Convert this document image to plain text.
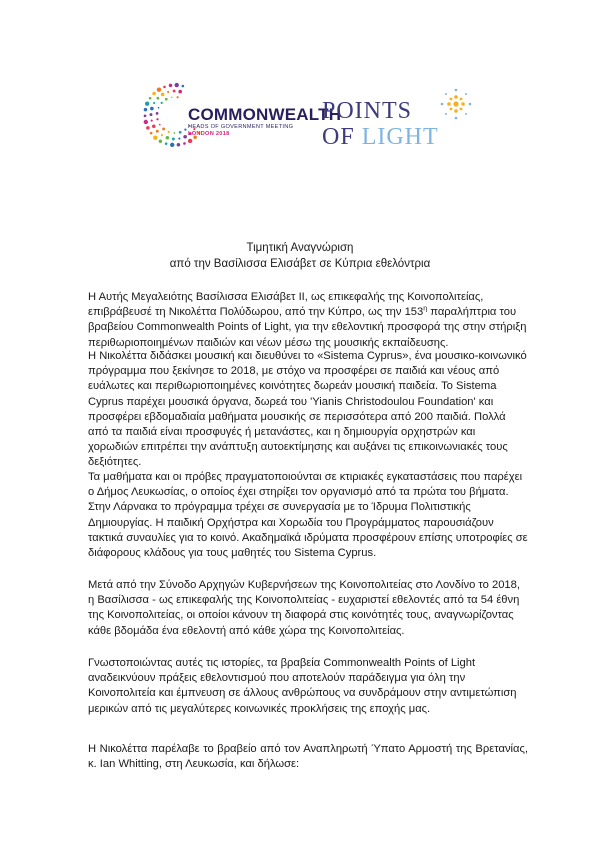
COMMONWEALTH
HEADS OF GOVERNMENT MEETING
LONDON 2018
POINTS
OF LIGHT
Τιμητική Αναγνώριση
από την Βασίλισσα Ελισάβετ σε Κύπρια εθελόντρια

Η Αυτής Μεγαλειότης Βασίλισσα Ελισάβετ ΙΙ, ως επικεφαλής της Κοινοπολιτείας, επιβράβευσέ τη Νικολέττα Πολύδωρου, από την Κύπρο, ως την $153^\eta$ παραλήπτρια του βραβείου Commonwealth Points of Light, για την εθελοντική προσφορά της στην στήριξη περιθωριοποιημένων παιδιών και νέων μέσω της μουσικής εκπαίδευσης.

Η Νικολέττα διδάσκει μουσική και διευθύνει το «Sistema Cyprus», ένα μουσικο-κοινωνικό πρόγραμμα που ξεκίνησε το 2018, με στόχο να προσφέρει σε παιδιά και νέους από ευάλωτες και περιθωριοποιημένες κοινότητες δωρεάν μουσική παιδεία. Το Sistema Cyprus παρέχει μουσικά όργανα, δωρεά του 'Yianis Christodoulou Foundation' και προσφέρει εβδομαδιαία μαθήματα μουσικής σε περισσότερα από 200 παιδιά. Πολλά από τα παιδιά είναι προσφυγές ή μετανάστες, και η δημιουργία ορχηστρών και χορωδιών επιτρέπει την ανάπτυξη αυτοεκτίμησης και αυξάνει τις επικοινωνιακές τους δεξιότητες.

Τα μαθήματα και οι πρόβες πραγματοποιούνται σε κτιριακές εγκαταστάσεις που παρέχει ο Δήμος Λευκωσίας, ο οποίος έχει στηρίξει τον οργανισμό από τα πρώτα του βήματα. Στην Λάρνακα το πρόγραμμα τρέχει σε συνεργασία με το Ίδρυμα Πολιτιστικής Δημιουργίας. Η παιδική Ορχήστρα και Χορωδία του Προγράμματος παρουσιάζουν τακτικά συναυλίες για το κοινό. Ακαδημαϊκά ιδρύματα προσφέρουν επίσης υποτροφίες σε διάφορους κλάδους για τους μαθητές του Sistema Cyprus.

Μετά από την Σύνοδο Αρχηγών Κυβερνήσεων της Κοινοπολιτείας στο Λονδίνο το 2018, η Βασίλισσα - ως επικεφαλής της Κοινοπολιτείας - ευχαριστεί εθελοντές από τα 54 έθνη της Κοινοπολιτείας, οι οποίοι κάνουν τη διαφορά στις κοινότητές τους, αναγνωρίζοντας κάθε βδομάδα ένα εθελοντή από κάθε χώρα της Κοινοπολιτείας.

Γνωστοποιώντας αυτές τις ιστορίες, τα βραβεία Commonwealth Points of Light αναδεικνύουν πράξεις εθελοντισμού που αποτελούν παράδειγμα για όλη την Κοινοπολιτεία και έμπνευση σε άλλους ανθρώπους να συνδράμουν στην αντιμετώπιση μερικών από τις μεγαλύτερες κοινωνικές προκλήσεις της εποχής μας.

Η Νικολέττα παρέλαβε το βραβείο από τον Αναπληρωτή Ύπατο Αρμοστή της Βρετανίας, κ. Ian Whitting, στη Λευκωσία, και δήλωσε:
